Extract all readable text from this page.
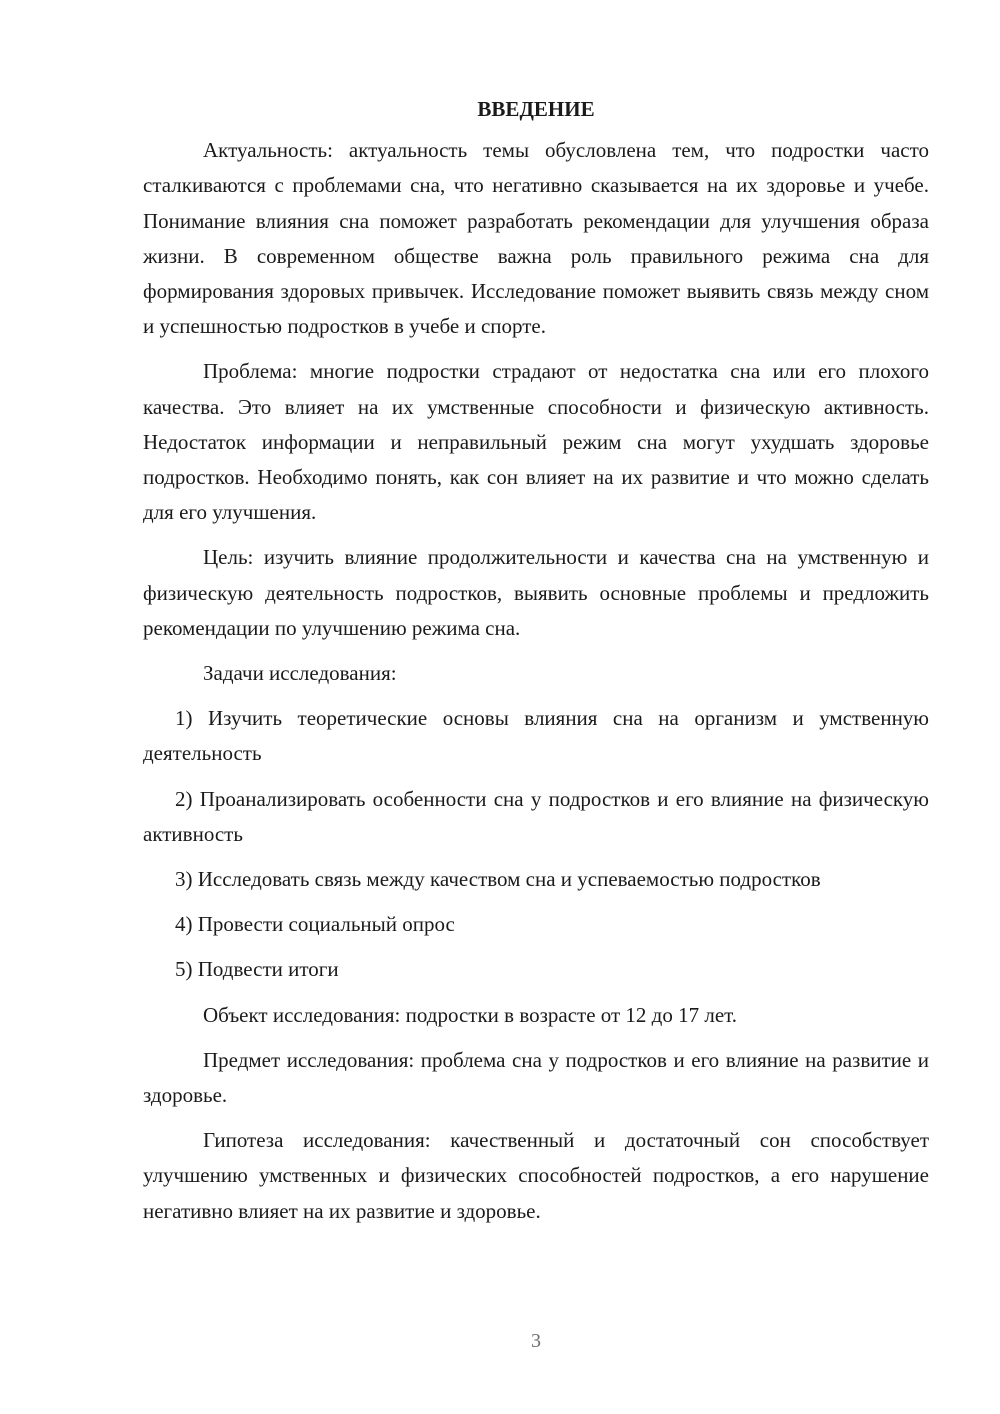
ВВЕДЕНИЕ

Актуальность: актуальность темы обусловлена тем, что подростки часто сталкиваются с проблемами сна, что негативно сказывается на их здоровье и учебе. Понимание влияния сна поможет разработать рекомендации для улучшения образа жизни. В современном обществе важна роль правильного режима сна для формирования здоровых привычек. Исследование поможет выявить связь между сном и успешностью подростков в учебе и спорте.

Проблема: многие подростки страдают от недостатка сна или его плохого качества. Это влияет на их умственные способности и физическую активность. Недостаток информации и неправильный режим сна могут ухудшать здоровье подростков. Необходимо понять, как сон влияет на их развитие и что можно сделать для его улучшения.

Цель: изучить влияние продолжительности и качества сна на умственную и физическую деятельность подростков, выявить основные проблемы и предложить рекомендации по улучшению режима сна.

Задачи исследования:

1) Изучить теоретические основы влияния сна на организм и умственную деятельность

2) Проанализировать особенности сна у подростков и его влияние на физическую активность

3) Исследовать связь между качеством сна и успеваемостью подростков

4) Провести социальный опрос

5) Подвести итоги

Объект исследования: подростки в возрасте от 12 до 17 лет.

Предмет исследования: проблема сна у подростков и его влияние на развитие и здоровье.

Гипотеза исследования: качественный и достаточный сон способствует улучшению умственных и физических способностей подростков, а его нарушение негативно влияет на их развитие и здоровье.

3
